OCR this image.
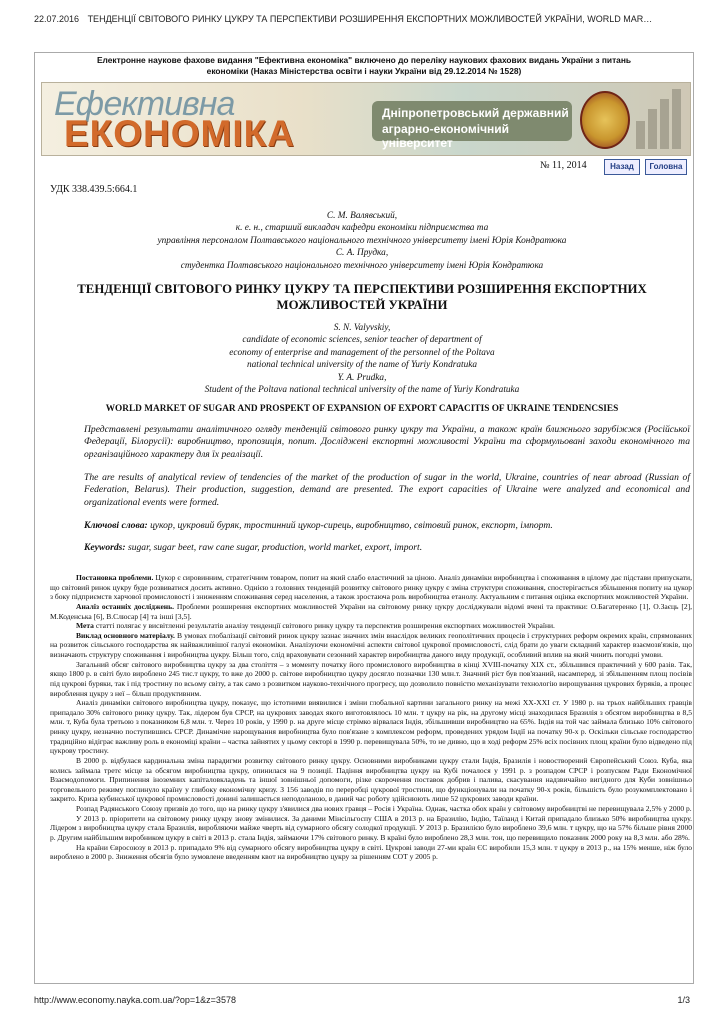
22.07.2016 ТЕНДЕНЦІЇ СВІТОВОГО РИНКУ ЦУКРУ ТА ПЕРСПЕКТИВИ РОЗШИРЕННЯ ЕКСПОРТНИХ МОЖЛИВОСТЕЙ УКРАЇНИ, WORLD MAR…
Електронне наукове фахове видання "Ефективна економіка" включено до переліку наукових фахових видань України з питань
економіки (Наказ Міністерства освіти і науки України від 29.12.2014 № 1528)
Ефективна
ЕКОНОМІКА	Дніпропетровський державний
аграрно-економічний університет
№ 11, 2014	Назад	Головна
УДК 338.439.5:664.1
С. М. Валявський,
к. е. н., старший викладач кафедри економіки підприємства та
управління персоналом Полтавського національного технічного університету імені Юрія Кондратюка
С. А. Прудка,
студентка Полтавського національного технічного університету імені Юрія Кондратюка
ТЕНДЕНЦІЇ СВІТОВОГО РИНКУ ЦУКРУ ТА ПЕРСПЕКТИВИ РОЗШИРЕННЯ ЕКСПОРТНИХ
МОЖЛИВОСТЕЙ УКРАЇНИ
S. N. Valyvskiy,
candidate of economic sciences, senior teacher of department of
economy of enterprise and management of the personnel of the Poltava
national technical university of the name of Yuriy Kondratuka
Y. A. Prudka,
Student of the Poltava national technical university of the name of Yuriy Kondratuka
WORLD MARKET OF SUGAR AND PROSPEKT OF EXPANSION OF EXPORT CAPACITIS OF UKRAINE TENDENCSIES
Представлені результати аналітичного огляду тенденцій світового ринку цукру та України, а також країн ближнього зарубіжжя (Російської Федерації, Білорусії): виробництво, пропозиція, попит. Досліджені експортні можливості України та сформульовані заходи економічного та організаційного характеру для їх реалізації.
The are results of analytical review of tendencies of the market of the production of sugar in the world, Ukraine, countries of near abroad (Russian of Federation, Belarus). Their production, suggestion, demand are presented. The export capacities of Ukraine were analyzed and economical and organizational events were formed.
Ключові слова: цукор, цукровий буряк, тростинний цукор-сирець, виробництво, світовий ринок, експорт, імпорт.
Keywords: sugar, sugar beet, raw cane sugar, production, world market, export, import.

Постановка проблеми. Цукор є сировинним, стратегічним товаром, попит на який слабо еластичний за ціною. Аналіз динаміки виробництва і споживання в цілому дає підстави припускати, що світовий ринок цукру буде розвиватися досить активно. Однією з головних тенденцій розвитку світового ринку цукру є зміна структури споживання, спостерігається збільшення попиту на цукор з боку підприємств харчової промисловості і зниженням споживання серед населення, а також зростаюча роль виробництва етанолу. Актуальним є питання оцінка експортних можливостей України.

Аналіз останніх досліджень. Проблеми розширення експортних можливостей України на світовому ринку цукру досліджували відомі вчені та практики: О.Багатеренко [1], О.Заєць [2], М.Коденська [6], В.Слюсар [4] та інші [3,5].

Мета статті полягає у висвітленні результатів аналізу тенденції світового ринку цукру та перспектив розширення експортних можливостей України.

Виклад основного матеріалу. В умовах глобалізації світовий ринок цукру зазнає значних змін внаслідок великих геополітичних процесів і структурних реформ окремих країн, спрямованих на розвиток сільського господарства як найважливішої галузі економіки. Аналізуючи економічні аспекти світової цукрової промисловості, слід брати до уваги складний характер взаємозв'язків, що визначають структуру споживання і виробництва цукру. Більш того, слід враховувати сезонний характер виробництва даного виду продукції, особливий вплив на який чинить погодні умови.

Загальний обсяг світового виробництва цукру за два століття – з моменту початку його промислового виробництва в кінці XVIII-початку XIX ст., збільшився практичний у 600 разів. Так, якщо 1800 р. в світі було вироблено 245 тис.т цукру, то вже до 2000 р. світове виробництво цукру досягло позначки 130 млн.т. Значний ріст був пов'язаний, насамперед, зі збільшенням площ посівів під цукрові буряки, так і під тростину по всьому світу, а так само з розвитком науково-технічного прогресу, що дозволило повністю механізувати технологію вирощування цукрових буряків, а процес вироблення цукру з неї – більш продуктивним.

Аналіз динаміки світового виробництва цукру, показує, що істотними виявилися і зміни глобальної картини загального ринку на межі ХХ-ХХІ ст. У 1980 р. на трьох найбільших гравців припадало 30% світового ринку цукру. Так, лідером був СРСР, на цукрових заводах якого виготовлялось 10 млн. т цукру на рік, на другому місці знаходилася Бразилія з обсягом виробництва в 8,5 млн. т, Куба була третьою з показником 6,8 млн. т. Через 10 років, у 1990 р. на друге місце стрімко вірвалася Індія, збільшивши виробництво на 65%. Індія на той час займала близько 10% світового ринку цукру, незначно поступившись СРСР. Динамічне нарощування виробництва було пов'язане з комплексом реформ, проведених урядом Індії на початку 90-х р. Оскільки сільське господарство традиційно відіграє важливу роль в економіці країни – частка зайнятих у цьому секторі в 1990 р. перевищувала 50%, то не дивно, що в ході реформ 25% всіх посівних площ країни було відведено під цукрову тростину.

В 2000 р. відбулася кардинальна зміна парадигми розвитку світового ринку цукру. Основними виробниками цукру стали Індія, Бразилія і новостворений Європейський Союз. Куба, яка колись займала третє місце за обсягом виробництва цукру, опинилася на 9 позиції. Падіння виробництва цукру на Кубі почалося у 1991 р. з розпадом СРСР і розпуском Ради Економічної Взаємодопомоги. Припинення іноземних капіталовкладень та іншої зовнішньої допомоги, різке скорочення поставок добрив і палива, скасування надзвичайно вигідного для Куби зовнішньо торговельного режиму поглинуло країну у глибоку економічну кризу. З 156 заводів по переробці цукрової тростини, що функціонували на початку 90-х років, більшість було розукомплектовано і закрито. Криза кубинської цукрової промисловості донині залишається неподоланою, в даний час роботу здійснюють лише 52 цукрових заводи країни.

Розпад Радянського Союзу призвів до того, що на ринку цукру з'явилися два нових гравця – Росія і Україна. Однак, частка обох країн у світовому виробництві не перевищувала 2,5% у 2000 р.

У 2013 р. пріоритети на світовому ринку цукру знову змінилися. За даними Мінсільгоспу США в 2013 р. на Бразилію, Індію, Таїланд і Китай припадало близько 50% виробництва цукру. Лідером з виробництва цукру стала Бразилія, виробляючи майже чверть від сумарного обсягу солодкої продукції. У 2013 р. Бразилією було вироблено 39,6 млн. т цукру, що на 57% більше рівня 2000 р. Другим найбільшим виробником цукру в світі в 2013 р. стала Індія, займаючи 17% світового ринку. В країні було вироблено 28,3 млн. тон, що перевищило показник 2000 року на 8,3 млн. або 28%.

На країни Євросоюзу в 2013 р. припадало 9% від сумарного обсягу виробництва цукру в світі. Цукрові заводи 27-ми країн ЄС виробили 15,3 млн. т цукру в 2013 р., на 15% менше, ніж було вироблено в 2000 р. Зниження обсягів було зумовлене введенням квот на виробництво цукру за рішенням СОТ у 2005 р.

http://www.economy.nayka.com.ua/?op=1&z=3578	1/3
